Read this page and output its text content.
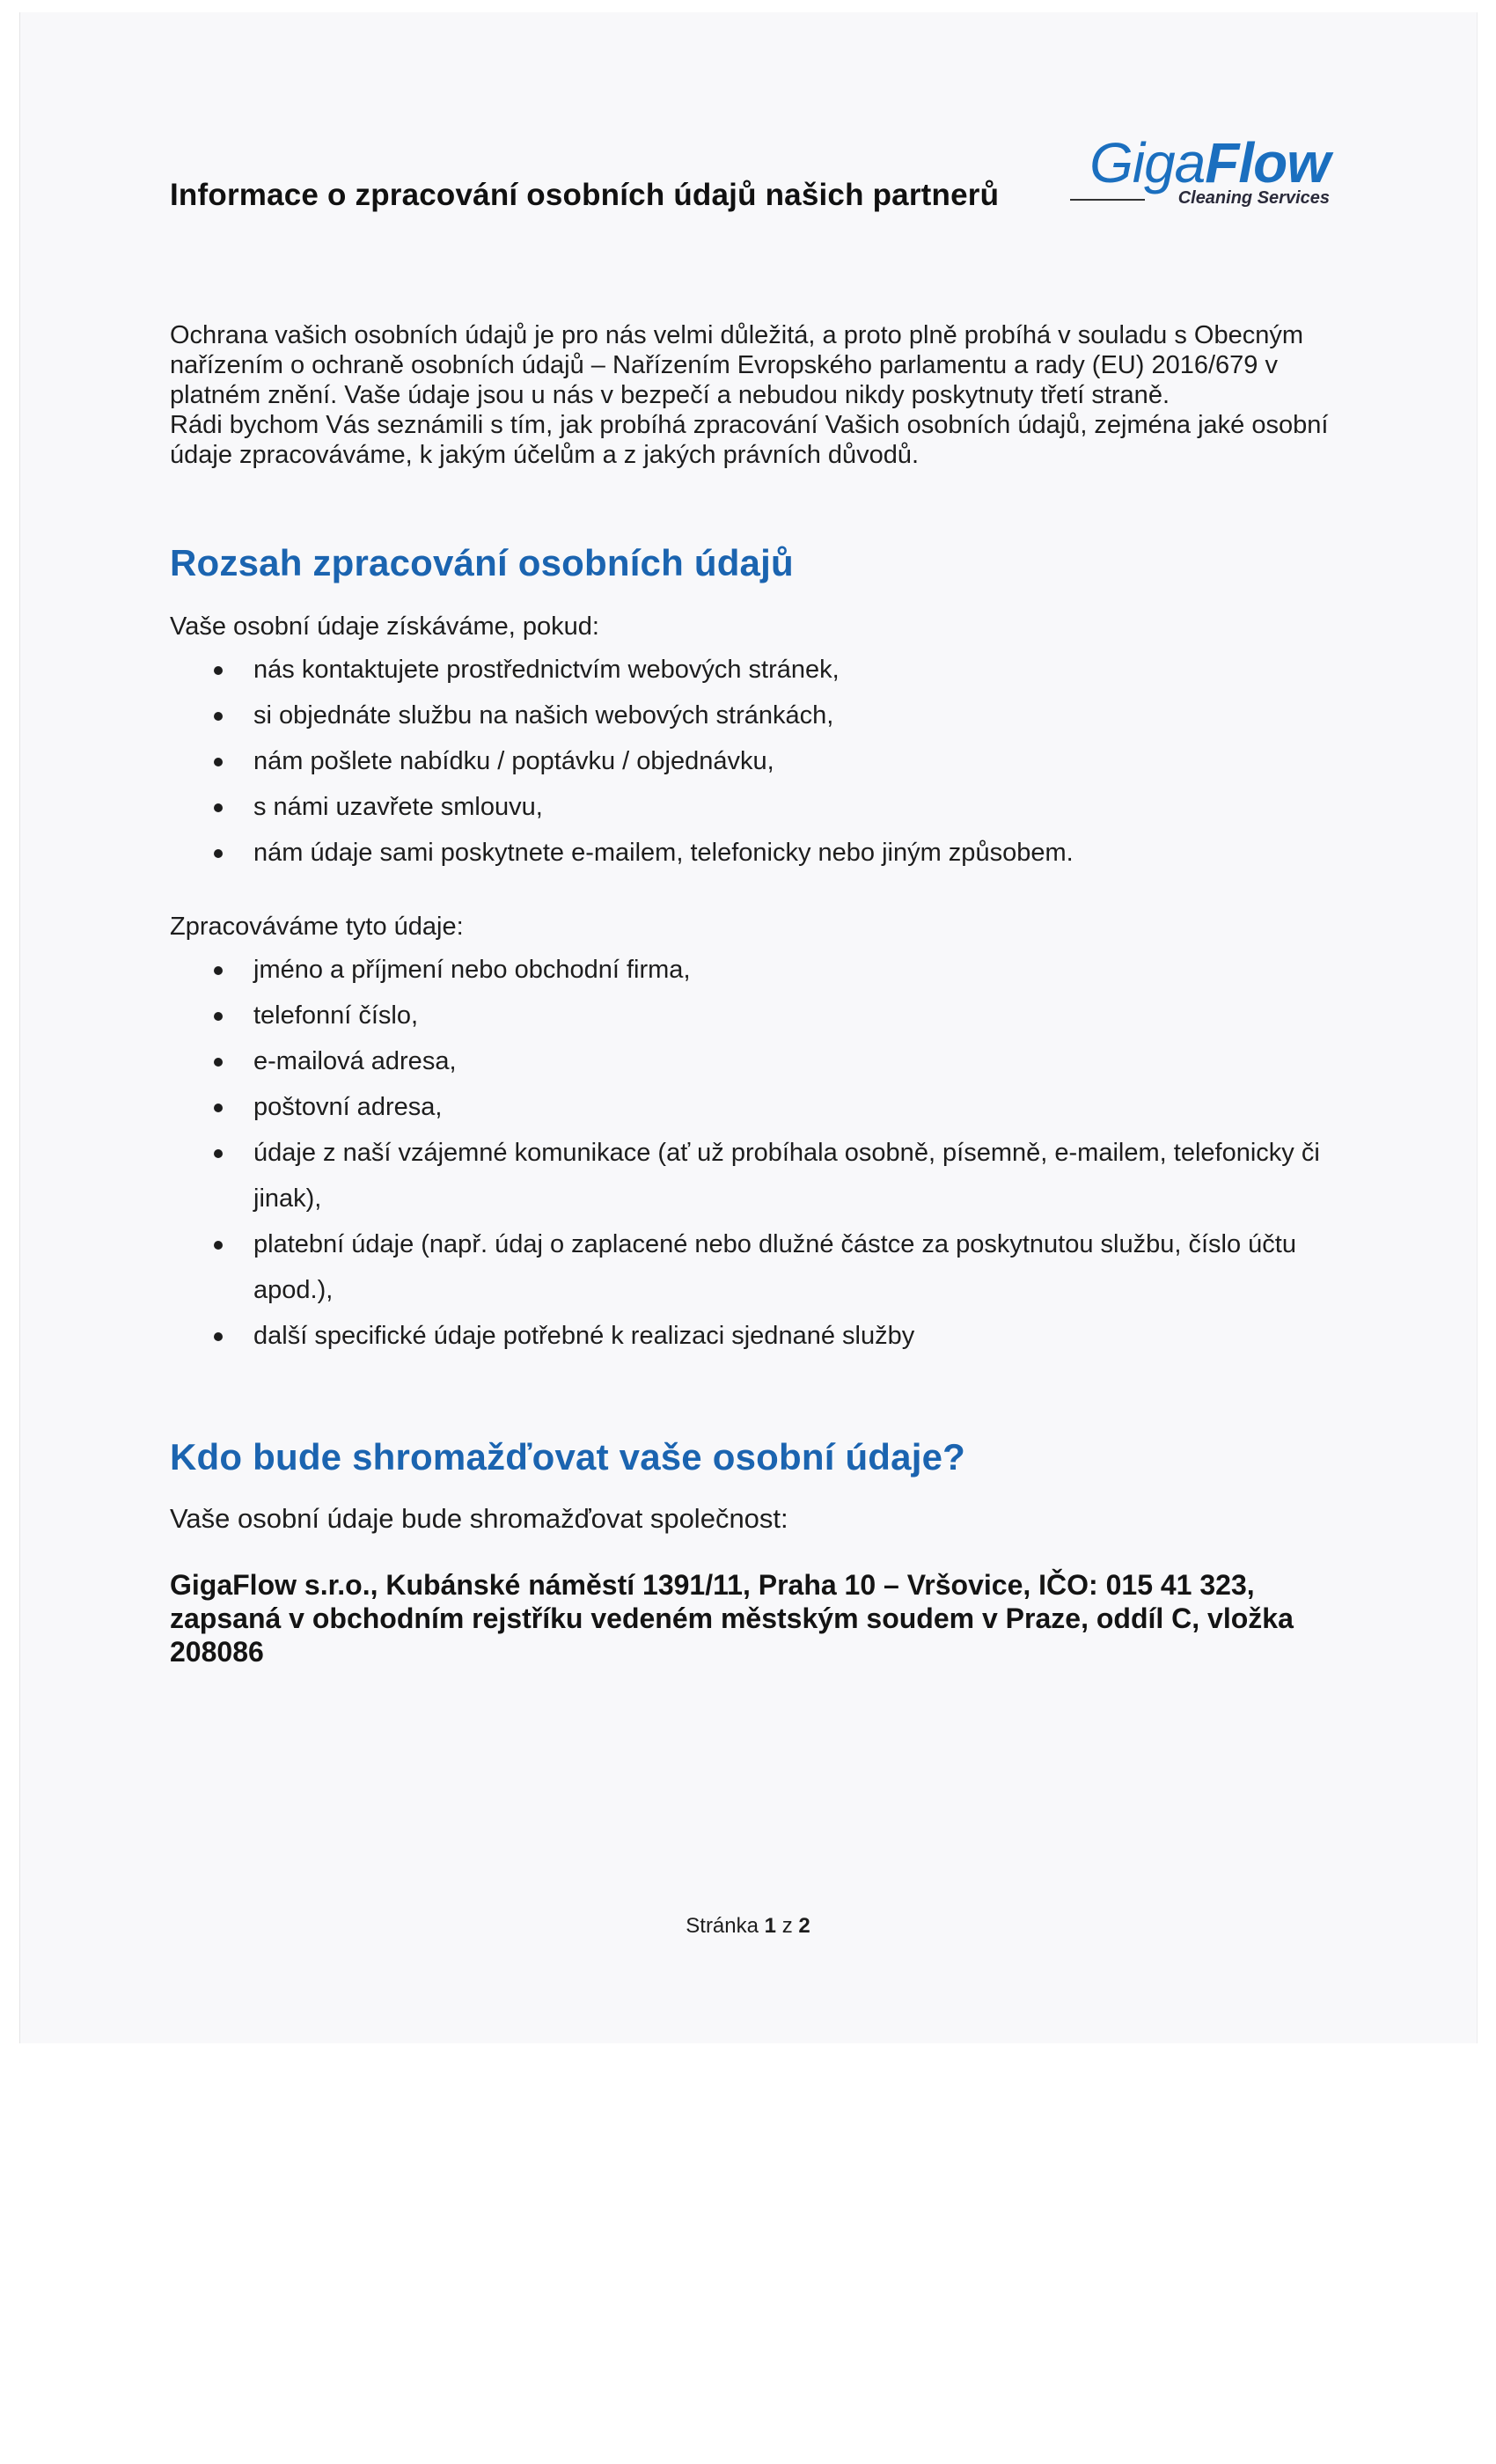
Informace o zpracování osobních údajů našich partnerů
GigaFlow
Cleaning Services

Ochrana vašich osobních údajů je pro nás velmi důležitá, a proto plně probíhá v souladu s Obecným nařízením o ochraně osobních údajů – Nařízením Evropského parlamentu a rady (EU) 2016/679 v platném znění. Vaše údaje jsou u nás v bezpečí a nebudou nikdy poskytnuty třetí straně.

Rádi bychom Vás seznámili s tím, jak probíhá zpracování Vašich osobních údajů, zejména jaké osobní údaje zpracováváme, k jakým účelům a z jakých právních důvodů.

Rozsah zpracování osobních údajů

Vaše osobní údaje získáváme, pokud:

nás kontaktujete prostřednictvím webových stránek,
si objednáte službu na našich webových stránkách,
nám pošlete nabídku / poptávku / objednávku,
s námi uzavřete smlouvu,
nám údaje sami poskytnete e-mailem, telefonicky nebo jiným způsobem.

Zpracováváme tyto údaje:

jméno a příjmení nebo obchodní firma,
telefonní číslo,
e-mailová adresa,
poštovní adresa,
údaje z naší vzájemné komunikace (ať už probíhala osobně, písemně, e-mailem, telefonicky či jinak),
platební údaje (např. údaj o zaplacené nebo dlužné částce za poskytnutou službu, číslo účtu apod.),
další specifické údaje potřebné k realizaci sjednané služby
Kdo bude shromažďovat vaše osobní údaje?

Vaše osobní údaje bude shromažďovat společnost:

GigaFlow s.r.o., Kubánské náměstí 1391/11, Praha 10 – Vršovice, IČO: 015 41 323, zapsaná v obchodním rejstříku vedeném městským soudem v Praze, oddíl C, vložka 208086

Stránka 1 z 2
